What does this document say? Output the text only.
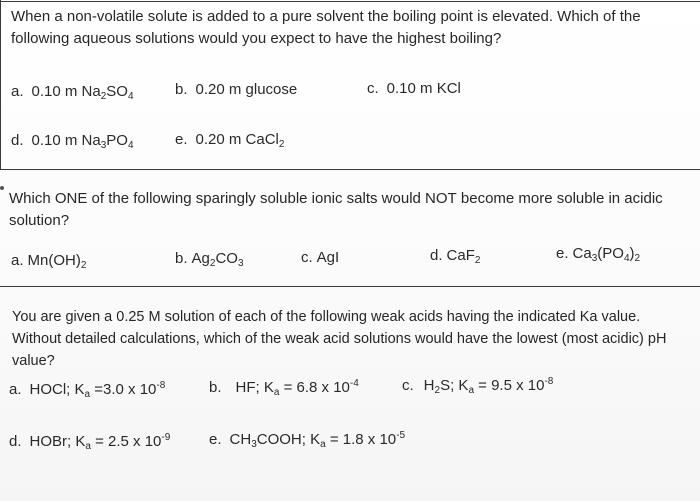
When a non-volatile solute is added to a pure solvent the boiling point is elevated. Which of the following aqueous solutions would you expect to have the highest boiling?
a. 0.10 m $Na_2SO_4$	b. 0.20 m glucose	c. 0.10 m KCl
d. 0.10 m $Na_3PO_4$	e. 0.20 m CaCl$_2$
Which ONE of the following sparingly soluble ionic salts would NOT become more soluble in acidic solution?
a. $Mn(OH)_2$	b. $Ag_2CO_3$	c. AgI	d. CaF$_2$	e. $Ca_3(PO_4)_2$
You are given a 0.25 M solution of each of the following weak acids having the indicated Ka value. Without detailed calculations, which of the weak acid solutions would have the lowest (most acidic) pH value?
a. HOCl; $K_a =3.0$ x $10^{-8}$	b. HF; $K_a = 6.8$ x $10^{-4}$	c. $H_2S$; $K_a = 9.5$ x $10^{-8}$
d. HOBr; $K_a = 2.5$ x $10^{-9}$	e. $CH_3COOH$; $K_a = 1.8$ x $10^{-5}$
